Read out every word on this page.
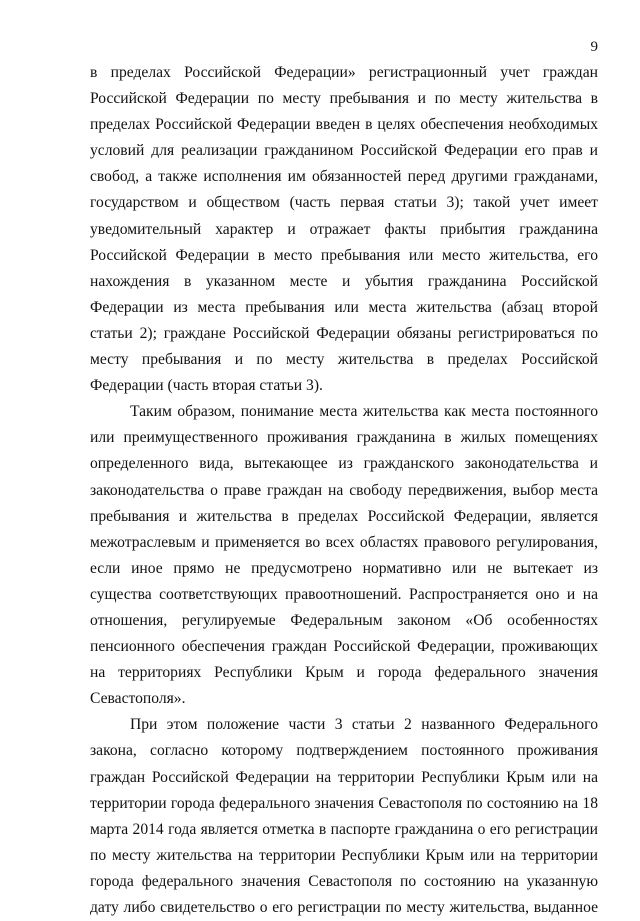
9

в пределах Российской Федерации» регистрационный учет граждан Российской Федерации по месту пребывания и по месту жительства в пределах Российской Федерации введен в целях обеспечения необходимых условий для реализации гражданином Российской Федерации его прав и свобод, а также исполнения им обязанностей перед другими гражданами, государством и обществом (часть первая статьи 3); такой учет имеет уведомительный характер и отражает факты прибытия гражданина Российской Федерации в место пребывания или место жительства, его нахождения в указанном месте и убытия гражданина Российской Федерации из места пребывания или места жительства (абзац второй статьи 2); граждане Российской Федерации обязаны регистрироваться по месту пребывания и по месту жительства в пределах Российской Федерации (часть вторая статьи 3).

Таким образом, понимание места жительства как места постоянного или преимущественного проживания гражданина в жилых помещениях определенного вида, вытекающее из гражданского законодательства и законодательства о праве граждан на свободу передвижения, выбор места пребывания и жительства в пределах Российской Федерации, является межотраслевым и применяется во всех областях правового регулирования, если иное прямо не предусмотрено нормативно или не вытекает из существа соответствующих правоотношений. Распространяется оно и на отношения, регулируемые Федеральным законом «Об особенностях пенсионного обеспечения граждан Российской Федерации, проживающих на территориях Республики Крым и города федерального значения Севастополя».

При этом положение части 3 статьи 2 названного Федерального закона, согласно которому подтверждением постоянного проживания граждан Российской Федерации на территории Республики Крым или на территории города федерального значения Севастополя по состоянию на 18 марта 2014 года является отметка в паспорте гражданина о его регистрации по месту жительства на территории Республики Крым или на территории города федерального значения Севастополя по состоянию на указанную дату либо свидетельство о его регистрации по месту жительства, выданное
